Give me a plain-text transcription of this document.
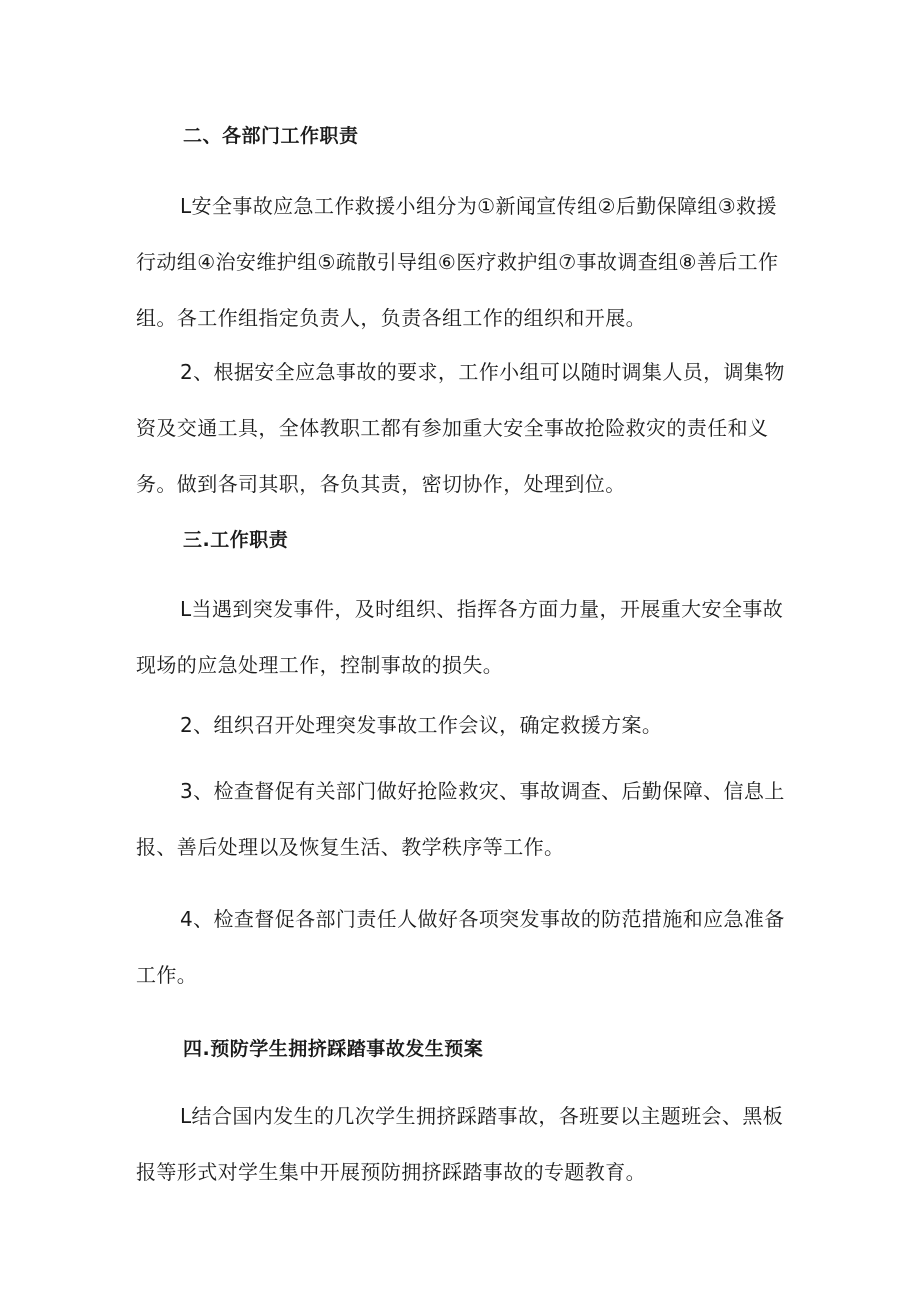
二、各部门工作职责
L安全事故应急工作救援小组分为①新闻宣传组②后勤保障组③救援行动组④治安维护组⑤疏散引导组⑥医疗救护组⑦事故调查组⑧善后工作组。各工作组指定负责人，负责各组工作的组织和开展。
2、根据安全应急事故的要求，工作小组可以随时调集人员，调集物资及交通工具，全体教职工都有参加重大安全事故抢险救灾的责任和义务。做到各司其职，各负其责，密切协作，处理到位。
三.工作职责
L当遇到突发事件，及时组织、指挥各方面力量，开展重大安全事故现场的应急处理工作，控制事故的损失。
2、组织召开处理突发事故工作会议，确定救援方案。
3、检查督促有关部门做好抢险救灾、事故调查、后勤保障、信息上报、善后处理以及恢复生活、教学秩序等工作。
4、检查督促各部门责任人做好各项突发事故的防范措施和应急准备工作。
四.预防学生拥挤踩踏事故发生预案
L结合国内发生的几次学生拥挤踩踏事故，各班要以主题班会、黑板报等形式对学生集中开展预防拥挤踩踏事故的专题教育。
